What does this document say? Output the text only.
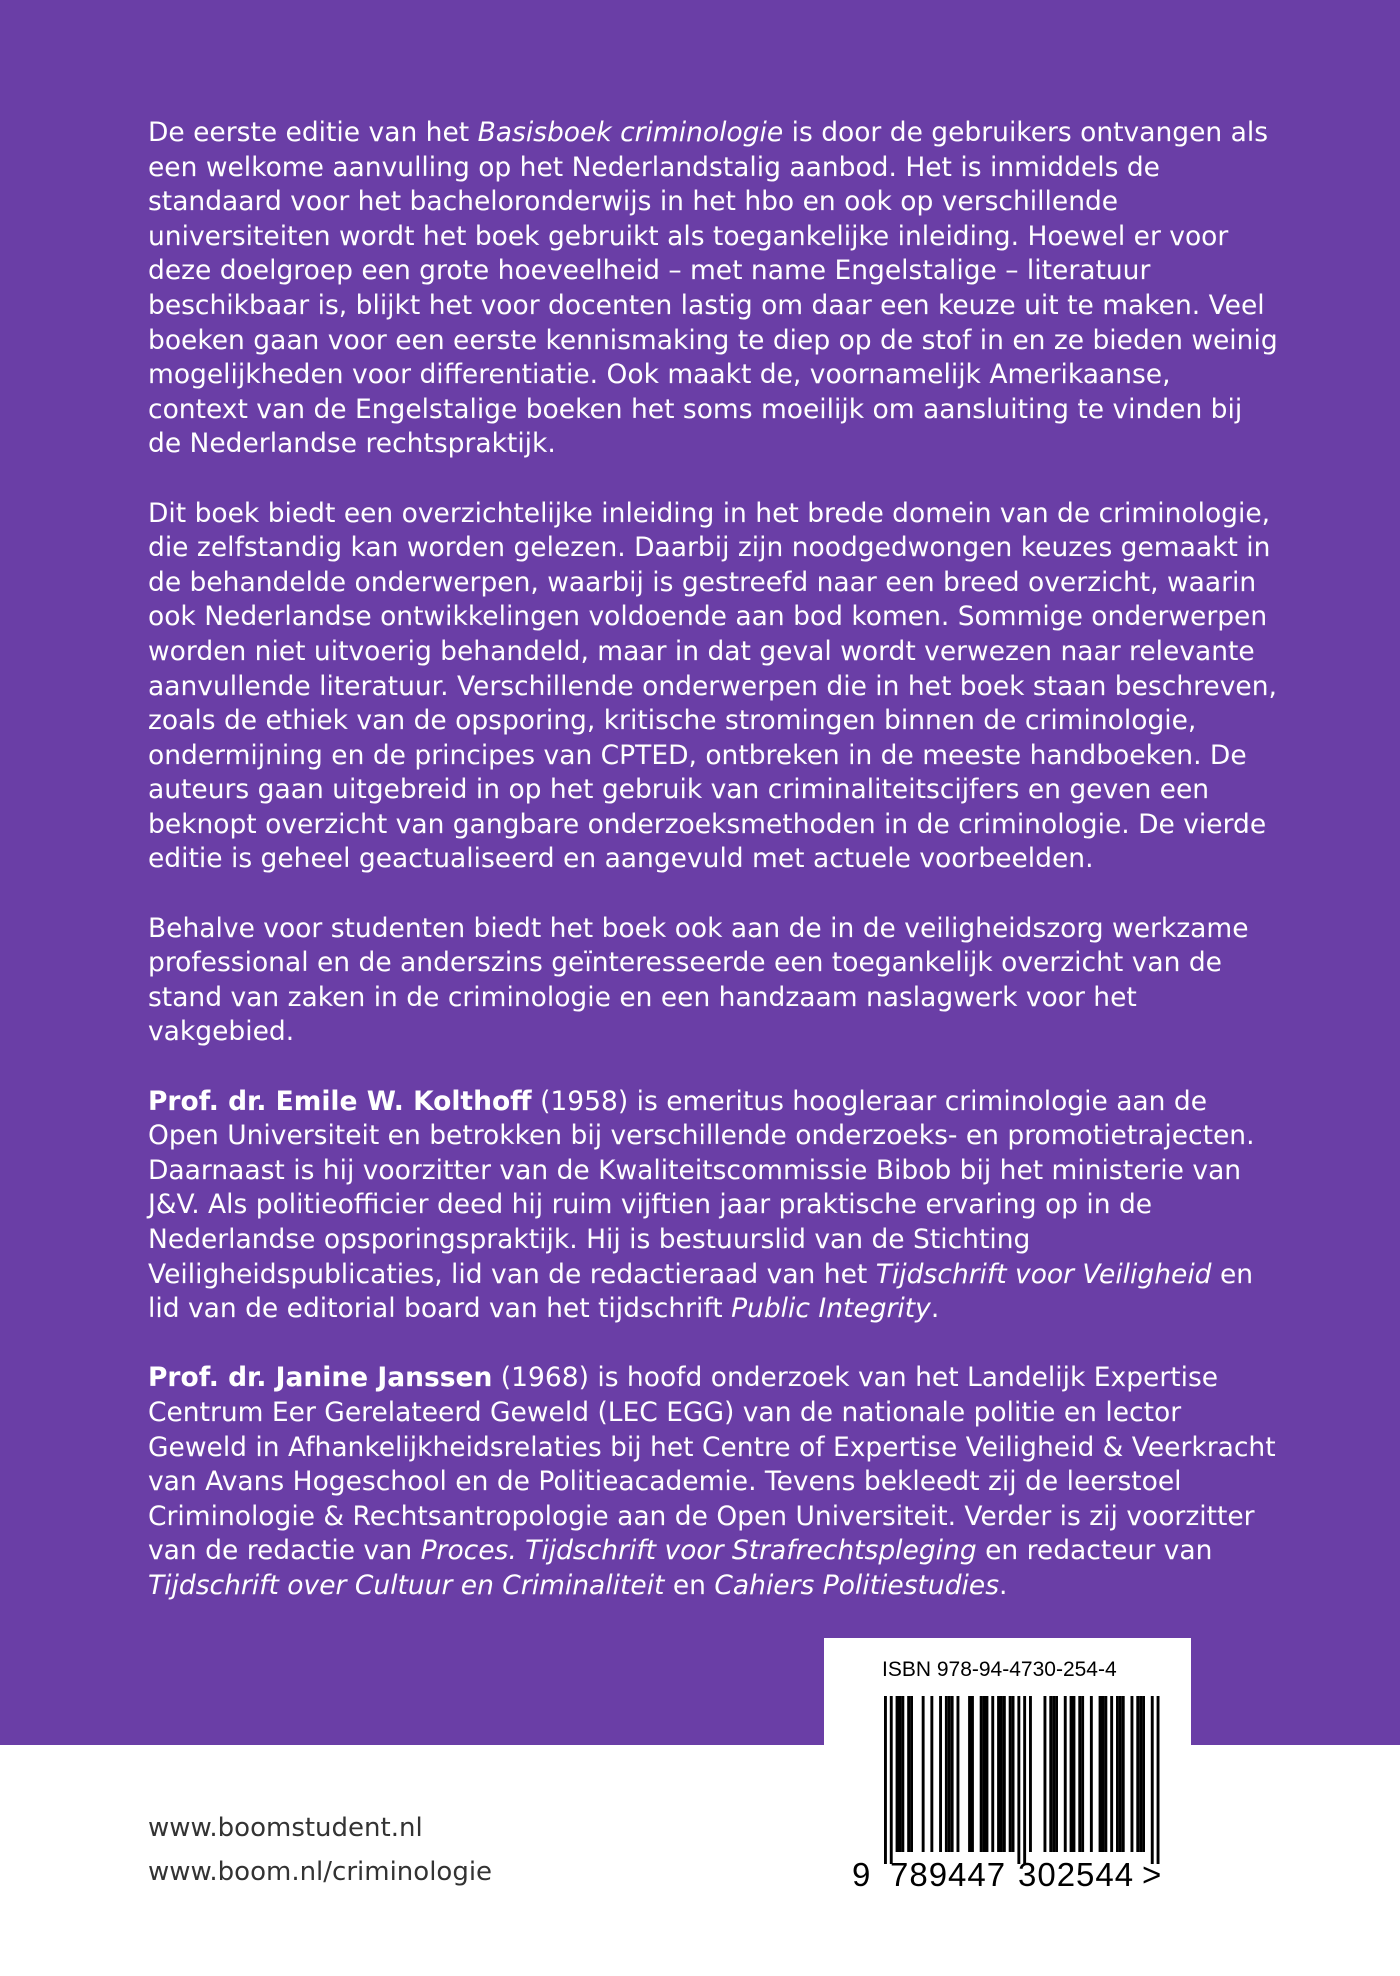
De eerste editie van het Basisboek criminologie is door de gebruikers ontvangen als een welkome aanvulling op het Nederlandstalig aanbod. Het is inmiddels de standaard voor het bacheloronderwijs in het hbo en ook op verschillende universiteiten wordt het boek gebruikt als toegankelijke inleiding. Hoewel er voor deze doelgroep een grote hoeveelheid – met name Engelstalige – literatuur beschikbaar is, blijkt het voor docenten lastig om daar een keuze uit te maken. Veel boeken gaan voor een eerste kennismaking te diep op de stof in en ze bieden weinig mogelijkheden voor differentiatie. Ook maakt de, voornamelijk Amerikaanse, context van de Engelstalige boeken het soms moeilijk om aansluiting te vinden bij de Nederlandse rechtspraktijk.

Dit boek biedt een overzichtelijke inleiding in het brede domein van de criminologie, die zelfstandig kan worden gelezen. Daarbij zijn noodgedwongen keuzes gemaakt in de behandelde onderwerpen, waarbij is gestreefd naar een breed overzicht, waarin ook Nederlandse ontwikkelingen voldoende aan bod komen. Sommige onderwerpen worden niet uitvoerig behandeld, maar in dat geval wordt verwezen naar relevante aanvullende literatuur. Verschillende onderwerpen die in het boek staan beschreven, zoals de ethiek van de opsporing, kritische stromingen binnen de criminologie, ondermijning en de principes van CPTED, ontbreken in de meeste handboeken. De auteurs gaan uitgebreid in op het gebruik van criminaliteitscijfers en geven een beknopt overzicht van gangbare onderzoeksmethoden in de criminologie. De vierde editie is geheel geactualiseerd en aangevuld met actuele voorbeelden.

Behalve voor studenten biedt het boek ook aan de in de veiligheidszorg werkzame professional en de anderszins geïnteresseerde een toegankelijk overzicht van de stand van zaken in de criminologie en een handzaam naslagwerk voor het vakgebied.

Prof. dr. Emile W. Kolthoff (1958) is emeritus hoogleraar criminologie aan de Open Universiteit en betrokken bij verschillende onderzoeks- en promotietrajecten. Daarnaast is hij voorzitter van de Kwaliteitscommissie Bibob bij het ministerie van J&V. Als politieofficier deed hij ruim vijftien jaar praktische ervaring op in de Nederlandse opsporingspraktijk. Hij is bestuurslid van de Stichting Veiligheidspublicaties, lid van de redactieraad van het Tijdschrift voor Veiligheid en lid van de editorial board van het tijdschrift Public Integrity.

Prof. dr. Janine Janssen (1968) is hoofd onderzoek van het Landelijk Expertise Centrum Eer Gerelateerd Geweld (LEC EGG) van de nationale politie en lector Geweld in Afhankelijkheidsrelaties bij het Centre of Expertise Veiligheid & Veerkracht van Avans Hogeschool en de Politieacademie. Tevens bekleedt zij de leerstoel Criminologie & Rechtsantropologie aan de Open Universiteit. Verder is zij voorzitter van de redactie van Proces. Tijdschrift voor Strafrechtspleging en redacteur van Tijdschrift over Cultuur en Criminaliteit en Cahiers Politiestudies.

ISBN 978-94-4730-254-4
9 789447 302544 >
www.boomstudent.nl
www.boom.nl/criminologie
